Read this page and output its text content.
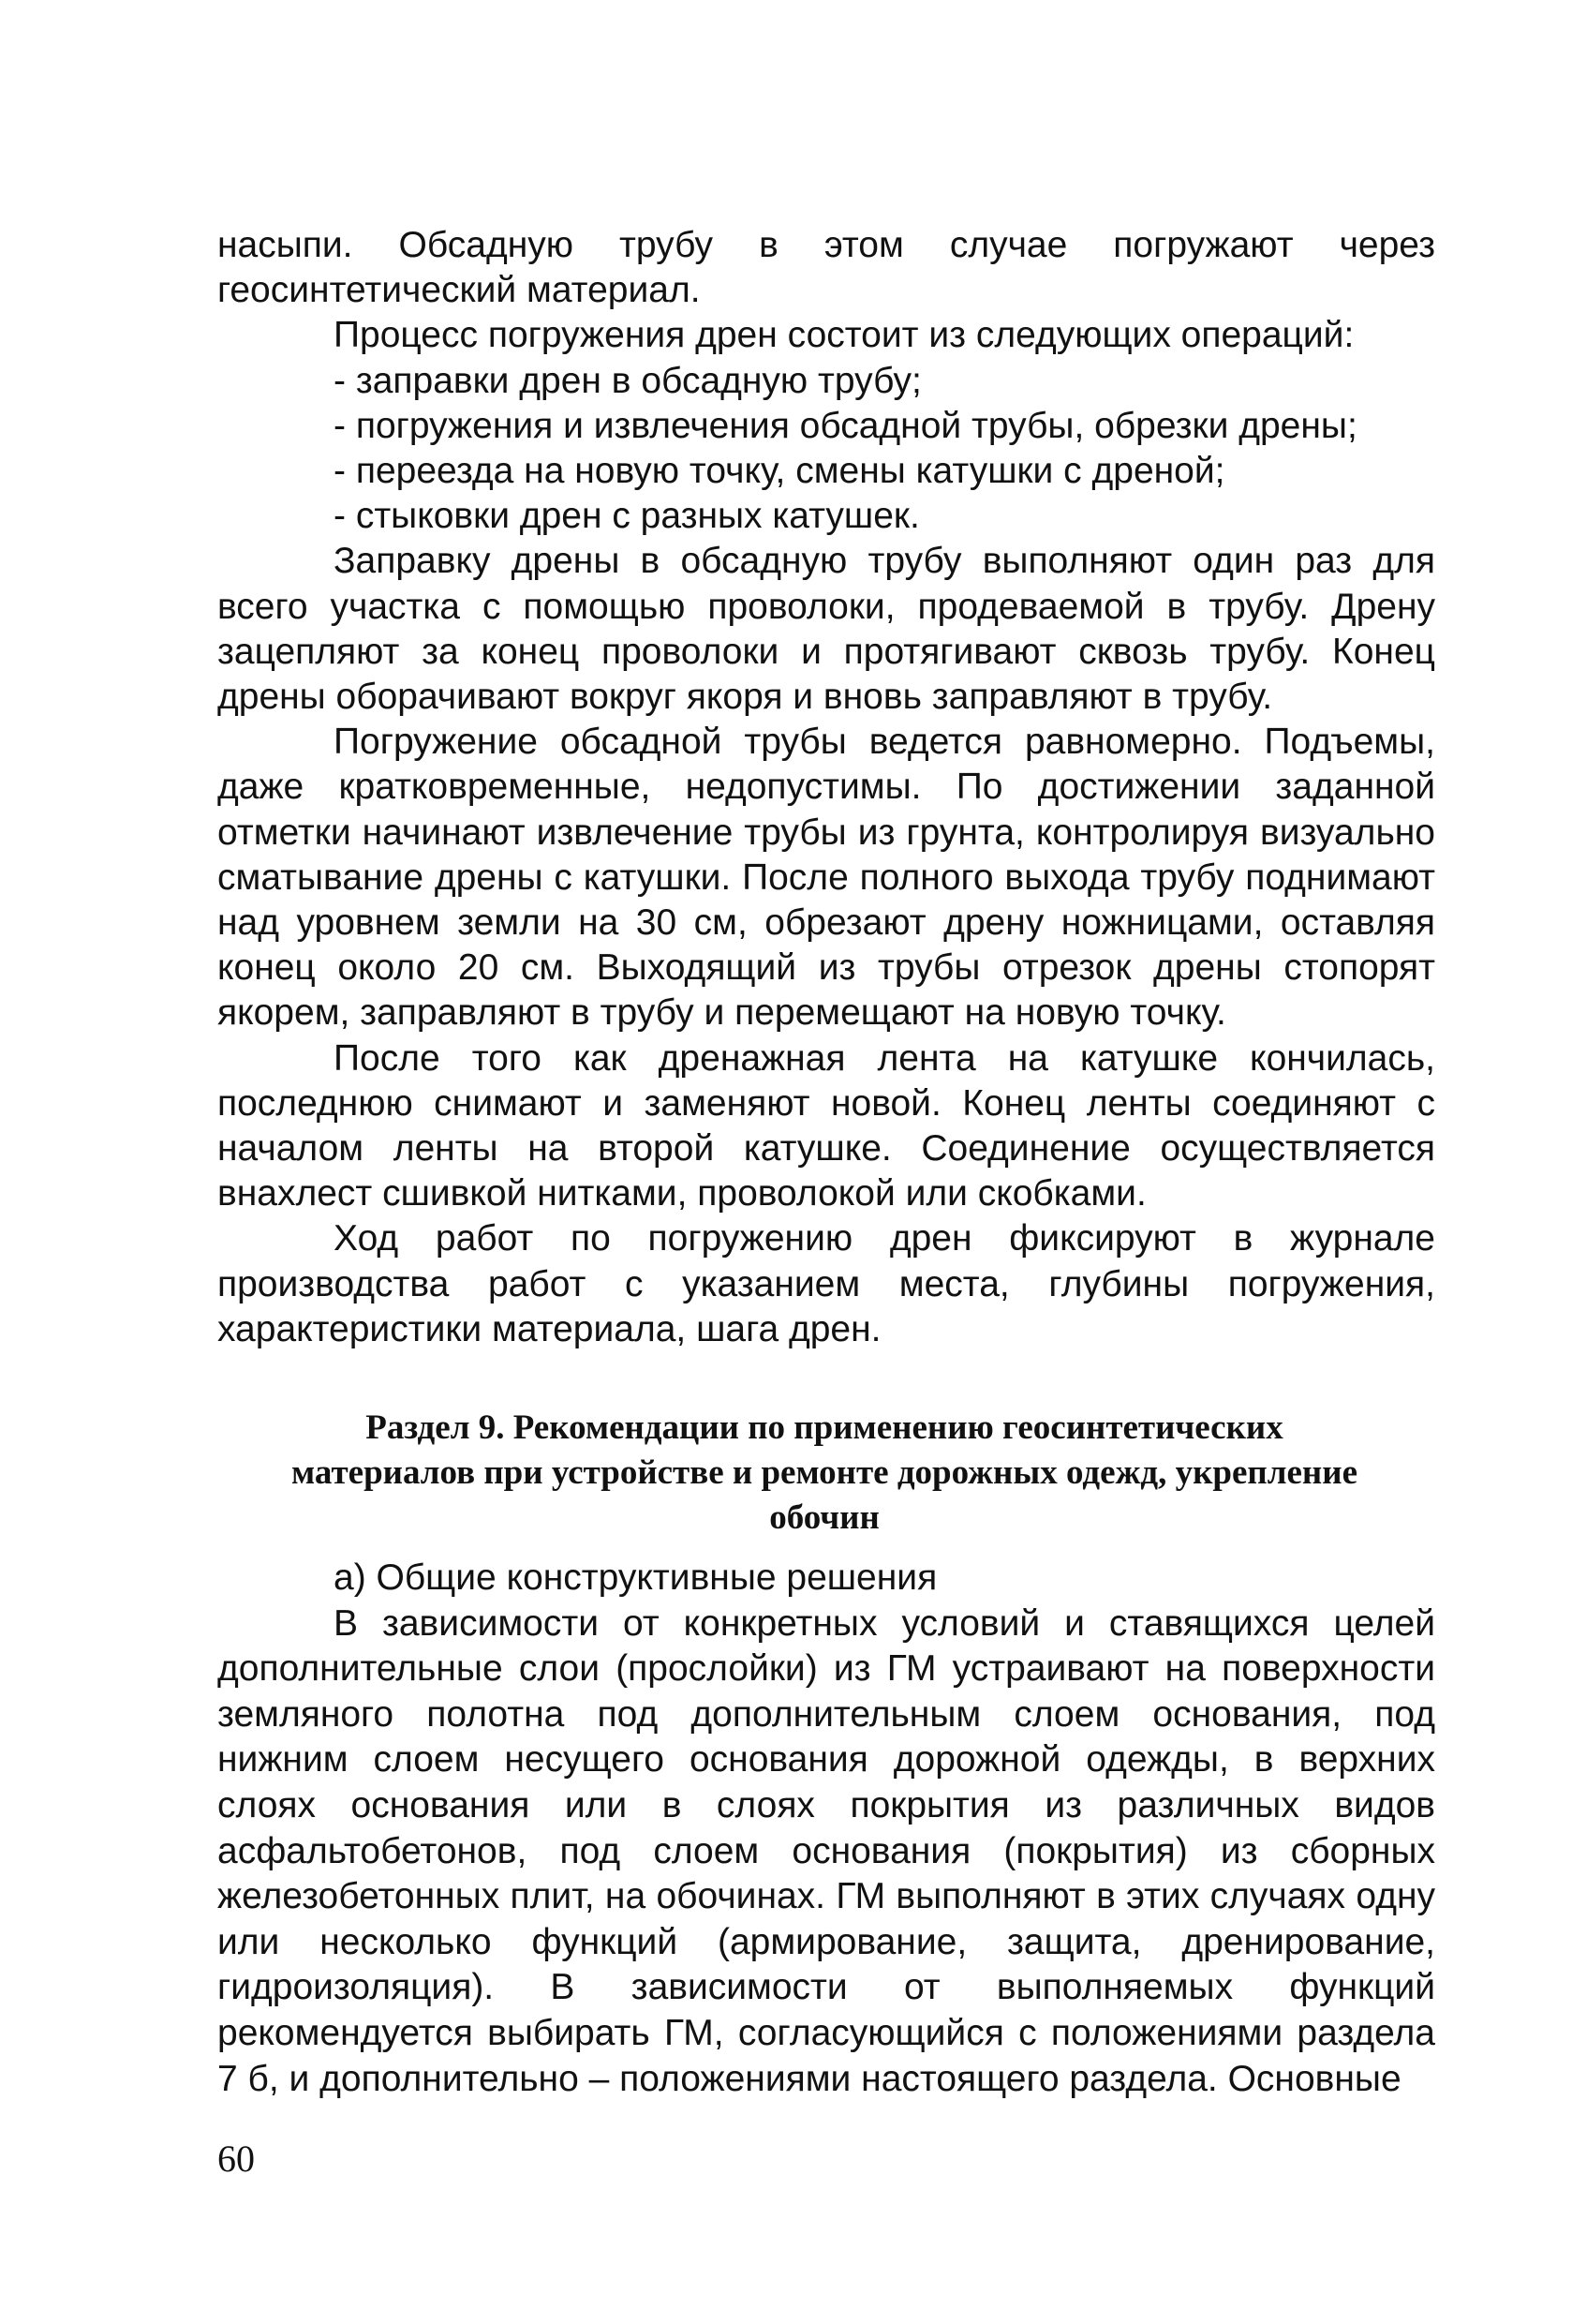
насыпи. Обсадную трубу в этом случае погружают через геосинтетический материал.

Процесс погружения дрен состоит из следующих операций:

- заправки дрен в обсадную трубу;

- погружения и извлечения обсадной трубы, обрезки дрены;

- переезда на новую точку, смены катушки с дреной;

- стыковки дрен с разных катушек.

Заправку дрены в обсадную трубу выполняют один раз для всего участка с помощью проволоки, продеваемой в трубу. Дрену зацепляют за конец проволоки и протягивают сквозь трубу. Конец дрены оборачивают вокруг якоря и вновь заправляют в трубу.

Погружение обсадной трубы ведется равномерно. Подъемы, даже кратковременные, недопустимы. По достижении заданной отметки начинают извлечение трубы из грунта, контролируя визуально сматывание дрены с катушки. После полного выхода трубу поднимают над уровнем земли на 30 см, обрезают дрену ножницами, оставляя конец около 20 см. Выходящий из трубы отрезок дрены стопорят якорем, заправляют в трубу и перемещают на новую точку.

После того как дренажная лента на катушке кончилась, последнюю снимают и заменяют новой. Конец ленты соединяют с началом ленты на второй катушке. Соединение осуществляется внахлест сшивкой нитками, проволокой или скобками.

Ход работ по погружению дрен фиксируют в журнале производства работ с указанием места, глубины погружения, характеристики материала, шага дрен.

Раздел 9. Рекомендации по применению геосинтетических материалов при устройстве и ремонте дорожных одежд, укрепление обочин

а) Общие конструктивные решения

В зависимости от конкретных условий и ставящихся целей дополнительные слои (прослойки) из ГМ устраивают на поверхности земляного полотна под дополнительным слоем основания, под нижним слоем несущего основания дорожной одежды, в верхних слоях основания или в слоях покрытия из различных видов асфальтобетонов, под слоем основания (покрытия) из сборных железобетонных плит, на обочинах. ГМ выполняют в этих случаях одну или несколько функций (армирование, защита, дренирование, гидроизоляция). В зависимости от выполняемых функций рекомендуется выбирать ГМ, согласующийся с положениями раздела 7 б, и дополнительно – положениями настоящего раздела. Основные

60
